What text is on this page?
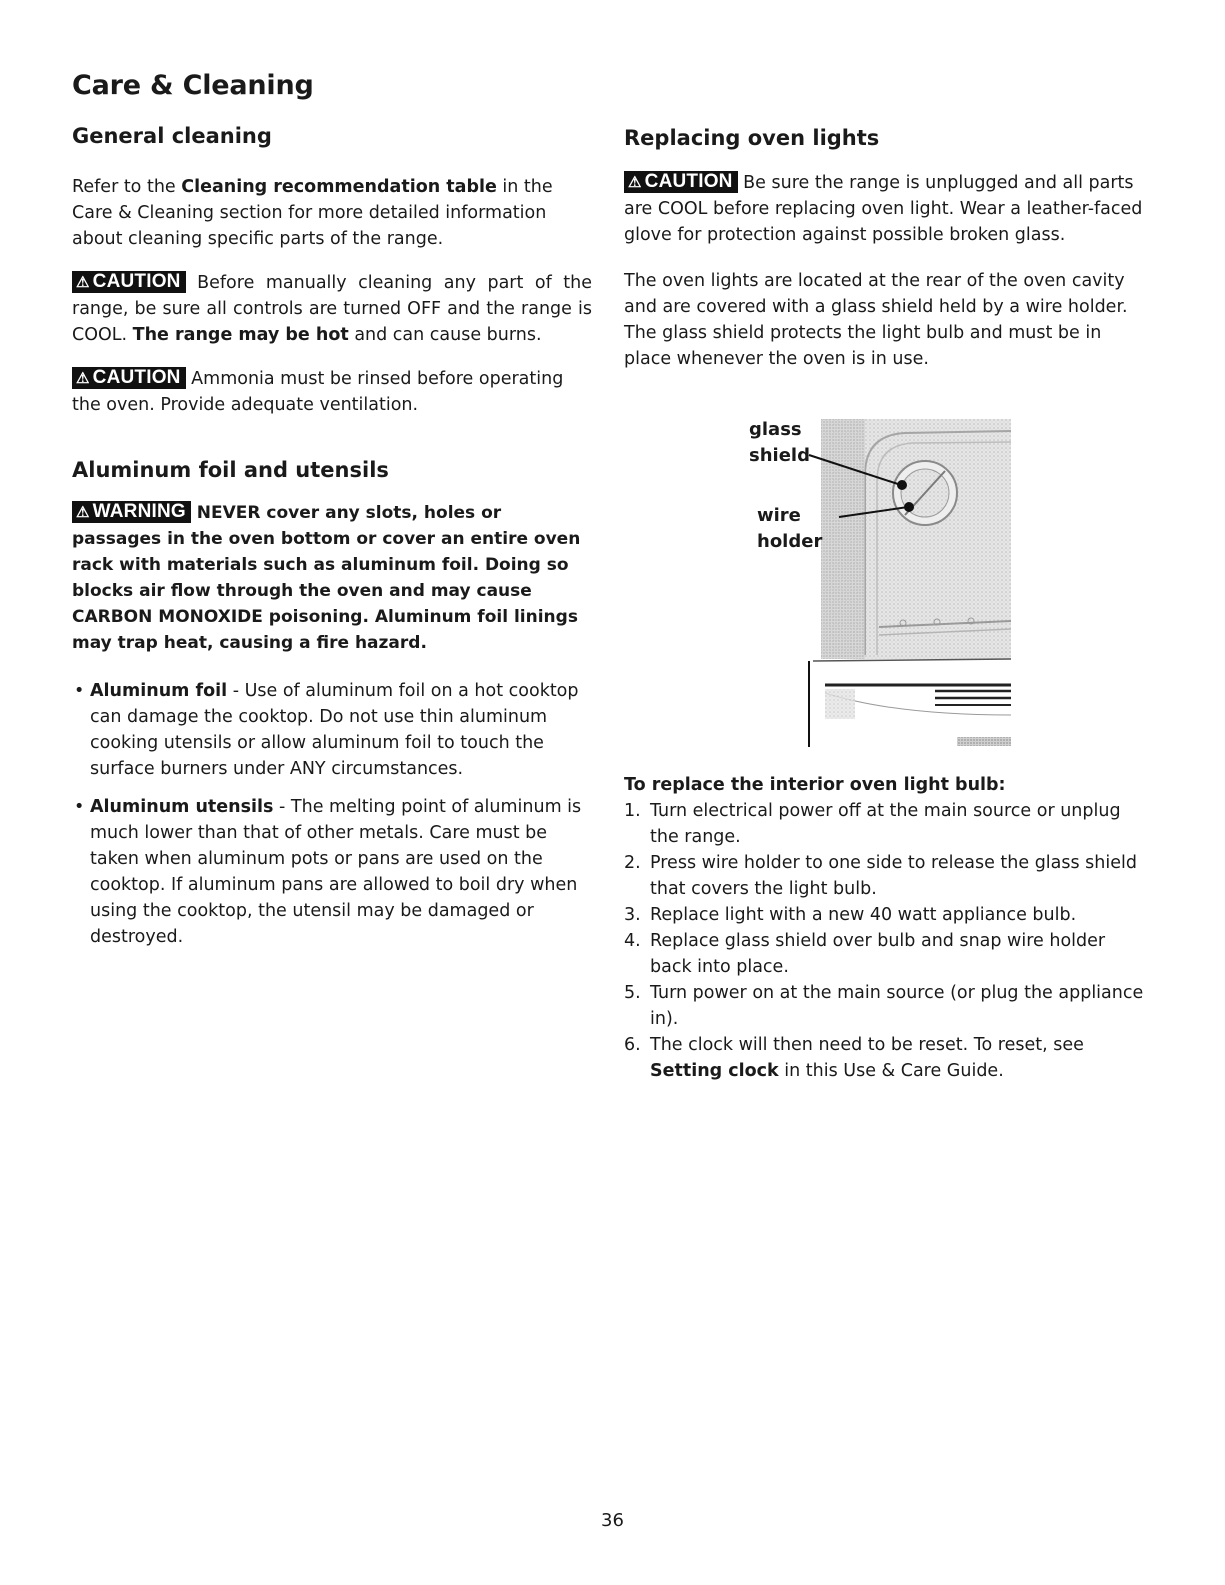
Care & Cleaning
General cleaning

Refer to the Cleaning recommendation table in the Care & Cleaning section for more detailed information about cleaning specific parts of the range.

⚠ CAUTION Before manually cleaning any part of the range, be sure all controls are turned OFF and the range is COOL. The range may be hot and can cause burns.

⚠ CAUTION Ammonia must be rinsed before operating the oven. Provide adequate ventilation.

Aluminum foil and utensils

⚠ WARNING NEVER cover any slots, holes or passages in the oven bottom or cover an entire oven rack with materials such as aluminum foil. Doing so blocks air flow through the oven and may cause CARBON MONOXIDE poisoning. Aluminum foil linings may trap heat, causing a fire hazard.

• Aluminum foil - Use of aluminum foil on a hot cooktop can damage the cooktop. Do not use thin aluminum cooking utensils or allow aluminum foil to touch the surface burners under ANY circumstances.
• Aluminum utensils - The melting point of aluminum is much lower than that of other metals. Care must be taken when aluminum pots or pans are used on the cooktop. If aluminum pans are allowed to boil dry when using the cooktop, the utensil may be damaged or destroyed.
Replacing oven lights

⚠ CAUTION Be sure the range is unplugged and all parts are COOL before replacing oven light. Wear a leather-faced glove for protection against possible broken glass.

The oven lights are located at the rear of the oven cavity and are covered with a glass shield held by a wire holder. The glass shield protects the light bulb and must be in place whenever the oven is in use.

glass
shield
wire
holder

To replace the interior oven light bulb:

1. Turn electrical power off at the main source or unplug the range.
2. Press wire holder to one side to release the glass shield that covers the light bulb.
3. Replace light with a new 40 watt appliance bulb.
4. Replace glass shield over bulb and snap wire holder back into place.
5. Turn power on at the main source (or plug the appliance in).
6. The clock will then need to be reset. To reset, see Setting clock in this Use & Care Guide.
36
